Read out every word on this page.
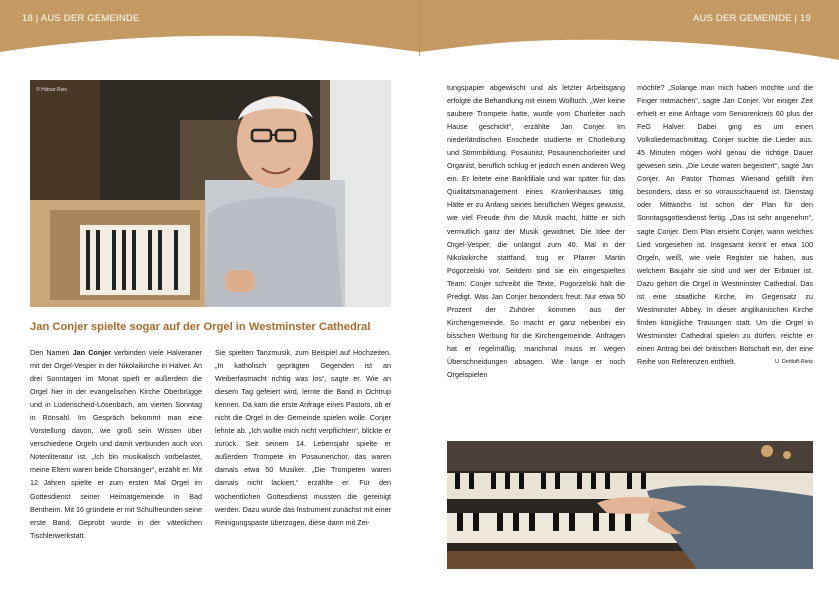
18 | AUS DER GEMEINDE	AUS DER GEMEINDE | 19
© Hilmar Ries
Jan Conjer spielte sogar auf der Orgel in Westminster Cathedral

Den Namen Jan Conjer verbinden viele Halveraner mit der Orgel-Vesper in der Nikolaikirche in Halver. An drei Sonntagen im Monat spielt er außerdem die Orgel hier in der evangelischen Kirche Oberbrügge und in Lüdenscheid-Lösenbach, am vierten Sonntag in Rönsahl. Im Gespräch bekommt man eine Vorstellung davon, wie groß sein Wissen über verschiedene Orgeln und damit verbunden auch von Notenliteratur ist. „Ich bin musikalisch vorbelastet, meine Eltern waren beide Chorsänger“, erzählt er. Mit 12 Jahren spielte er zum ersten Mal Orgel im Gottesdienst seiner Heimatgemeinde in Bad Bentheim. Mit 16 gründete er mit Schulfreunden seine erste Band. Geprobt wurde in der väterlichen Tischlerwerkstatt.

Sie spielten Tanzmusik, zum Beispiel auf Hochzeiten. „In katholisch geprägten Gegenden ist an Weiberfastnacht richtig was los“, sagte er. Wie an diesem Tag gefeiert wird, lernte die Band in Ochtrup kennen. Da kam die erste Anfrage eines Pastors, ob er nicht die Orgel in der Gemeinde spielen wolle. Conjer lehnte ab. „Ich wollte mich nicht verpflichten“, blickte er zurück. Seit seinem 14. Lebensjahr spielte er außerdem Trompete im Posaunenchor, das waren damals etwa 50 Musiker. „Die Trompeten waren damals nicht lackiert,“ erzählte er. Für den wöchentlichen Gottesdienst mussten die gereinigt werden. Dazu wurde das Instrument zunächst mit einer Reinigungspaste überzogen, diese dann mit Zei-

tungspapier abgewischt und als letzter Arbeitsgang erfolgte die Behandlung mit einem Wolltuch. „Wer keine saubere Trompete hatte, wurde vom Chorleiter nach Hause geschickt“, erzählte Jan Conjer. Im niederländischen Enschede studierte er Chorleitung und Stimmbildung. Posaunist, Posaunenchorleiter und Organist, beruflich schlug er jedoch einen anderen Weg ein. Er leitete eine Bankfiliale und war später für das Qualitätsmanagement eines Krankenhauses tätig. Hätte er zu Anfang seines beruflichen Weges gewusst, wie viel Freude ihm die Musik macht, hätte er sich vermutlich ganz der Musik gewidmet. Die Idee der Orgel-Vesper, die unlängst zum 40. Mal in der Nikolaikirche stattfand, trug er Pfarrer Martin Pogorzelski vor. Seitdem sind sie ein eingespieltes Team: Conjer schreibt die Texte, Pogorzelski hält die Predigt. Was Jan Conjer besonders freut: Nur etwa 50 Prozent der Zuhörer kommen aus der Kirchengemeinde. So macht er ganz nebenbei ein bisschen Werbung für die Kirchengemeinde. Anfragen hat er regelmäßig, manchmal muss er wegen Überschneidungen absagen. Wie lange er noch Orgelspielen

möchte? „Solange man mich haben möchte und die Finger mitmachen“, sagte Jan Conjer. Vor einiger Zeit erhielt er eine Anfrage vom Seniorenkreis 60 plus der FeG Halver. Dabei ging es um einen Volksliedernachmittag. Conjer suchte die Lieder aus. 45 Minuten mögen wohl genau die richtige Dauer gewesen sein. „Die Leute waren begeistert“, sagte Jan Conjer. An Pastor Thomas Wienand gefällt ihm besonders, dass er so vorausschauend ist. Dienstag oder Mittwochs ist schon der Plan für den Sonntagsgottesdienst fertig. „Das ist sehr angenehm“, sagte Conjer. Dem Plan ersieht Conjer, wann welches Lied vorgesehen ist. Insgesamt kennt er etwa 100 Orgeln, weiß, wie viele Register sie haben, aus welchem Baujahr sie sind und wer der Erbauer ist. Dazu gehört die Orgel in Westminster Cathedral. Das ist eine staatliche Kirche, im Gegensatz zu Westminster Abbey. In dieser anglikanischen Kirche finden königliche Trauungen statt. Um die Orgel in Westminster Cathedral spielen zu dürfen, reichte er einen Antrag bei der britischen Botschaft ein, der eine Reihe von Referenzen enthielt.	U. Dettlaff-Rietz
